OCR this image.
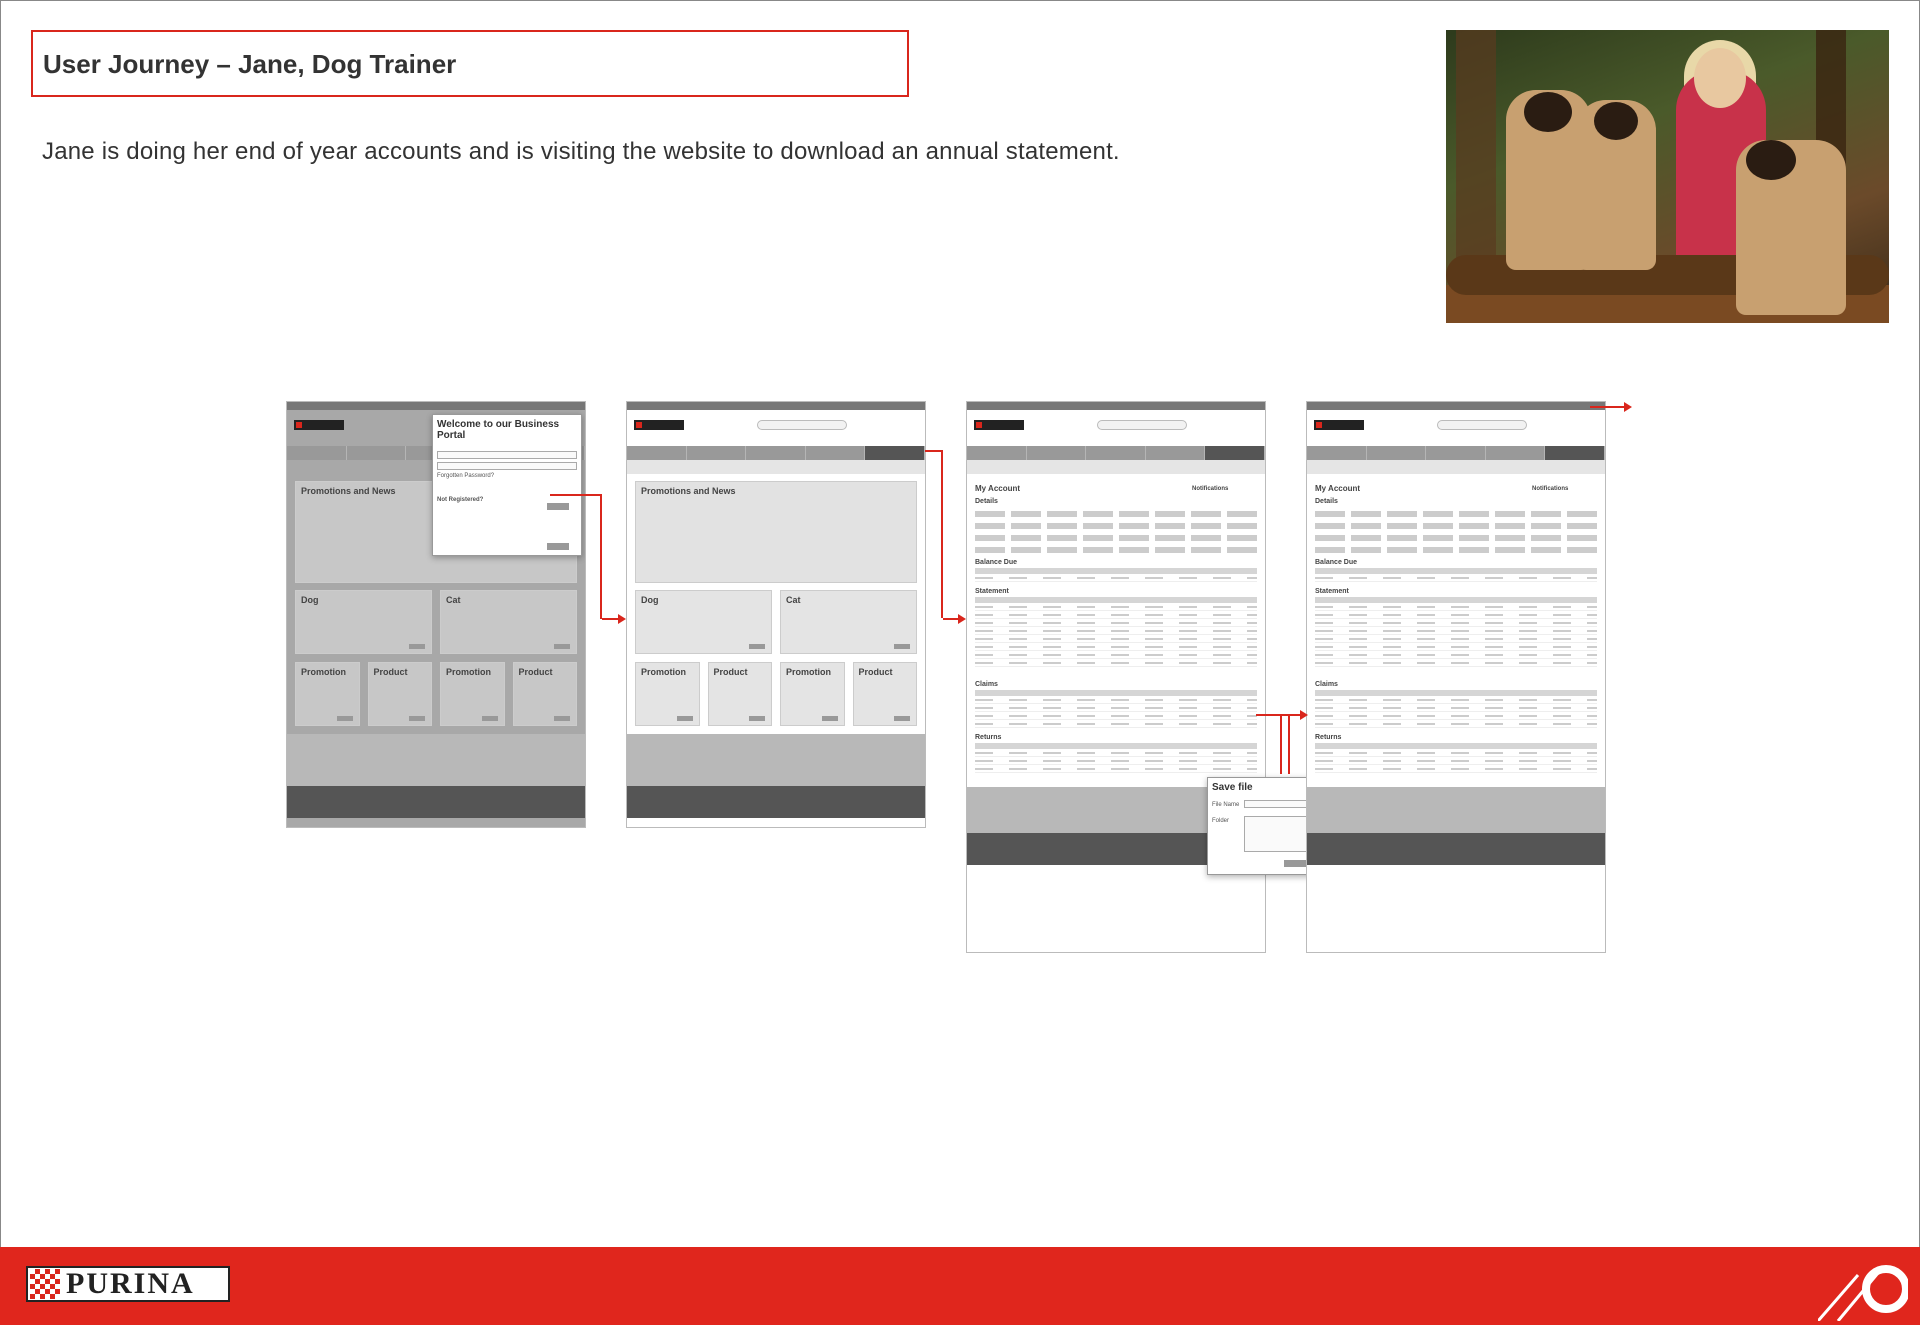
User Journey – Jane, Dog Trainer
Jane is doing her end of year accounts and is visiting the website to download an annual statement.
Promotions and News
Dog	Cat
Promotion	Product	Promotion	Product
Welcome to our Business Portal
Forgotten Password?
Not Registered?
Promotions and News
Dog	Cat
Promotion	Product	Promotion	Product
My Account	Notifications
Details
Balance Due
Statement
Claims
Returns
Save file
File Name
Folder
My Account	Notifications
Details
Balance Due
Statement
Claims
Returns
PURINA
